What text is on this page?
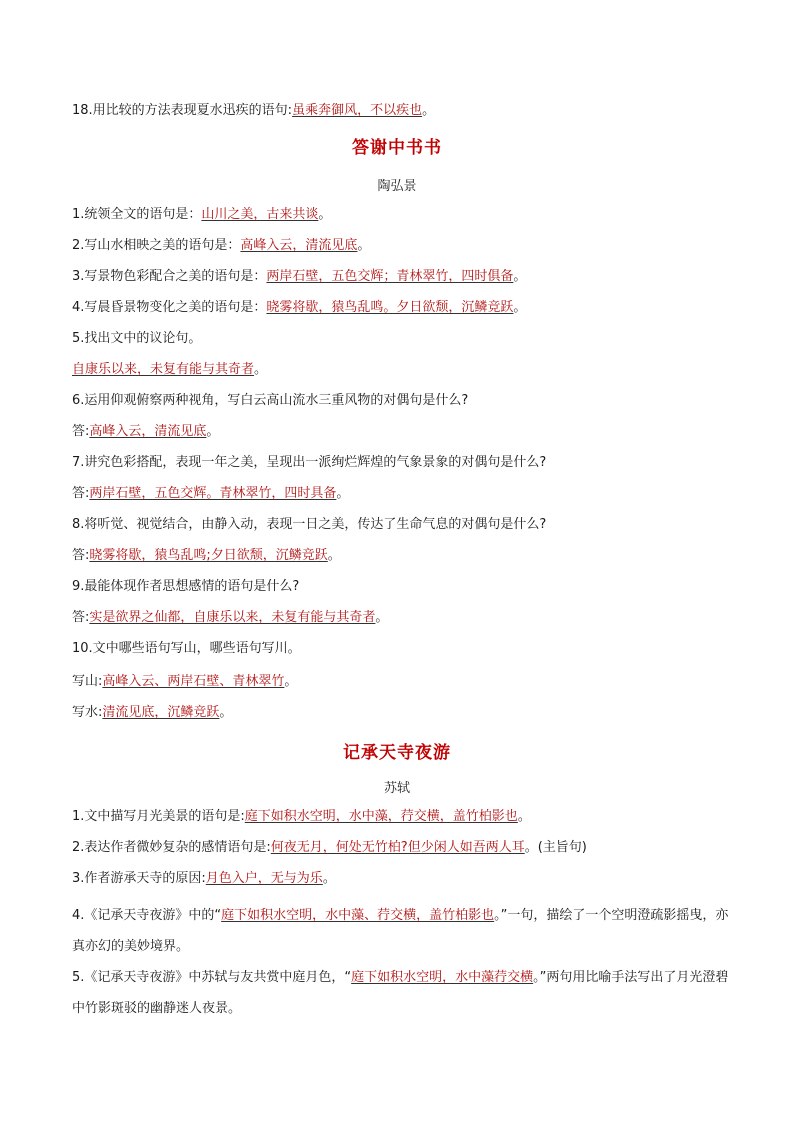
18.用比较的方法表现夏水迅疾的语句:虽乘奔御风，不以疾也。
答谢中书书
陶弘景
1.统领全文的语句是：山川之美，古来共谈。
2.写山水相映之美的语句是：高峰入云，清流见底。
3.写景物色彩配合之美的语句是：两岸石壁，五色交辉；青林翠竹，四时俱备。
4.写晨昏景物变化之美的语句是：晓雾将歇，猿鸟乱鸣。夕日欲颓，沉鳞竞跃。
5.找出文中的议论句。
自康乐以来，未复有能与其奇者。
6.运用仰观俯察两种视角，写白云高山流水三重风物的对偶句是什么?
答:高峰入云，清流见底。
7.讲究色彩搭配，表现一年之美，呈现出一派绚烂辉煌的气象景象的对偶句是什么?
答:两岸石壁，五色交辉。青林翠竹，四时具备。
8.将听觉、视觉结合，由静入动，表现一日之美，传达了生命气息的对偶句是什么?
答:晓雾将歇，猿鸟乱鸣;夕日欲颓，沉鳞竞跃。
9.最能体现作者思想感情的语句是什么?
答:实是欲界之仙都，自康乐以来，未复有能与其奇者。
10.文中哪些语句写山，哪些语句写川。
写山:高峰入云、两岸石壁、青林翠竹。
写水:清流见底，沉鳞竞跃。
记承天寺夜游
苏轼
1.文中描写月光美景的语句是:庭下如积水空明，水中藻，荇交横，盖竹柏影也。
2.表达作者微妙复杂的感情语句是:何夜无月，何处无竹柏?但少闲人如吾两人耳。(主旨句)
3.作者游承天寺的原因:月色入户，无与为乐。
4.《记承天寺夜游》中的“庭下如积水空明，水中藻、荇交横，盖竹柏影也。”一句，描绘了一个空明澄疏影摇曳，亦真亦幻的美妙境界。
5.《记承天寺夜游》中苏轼与友共赏中庭月色，“庭下如积水空明，水中藻荇交横。”两句用比喻手法写出了月光澄碧中竹影斑驳的幽静迷人夜景。
